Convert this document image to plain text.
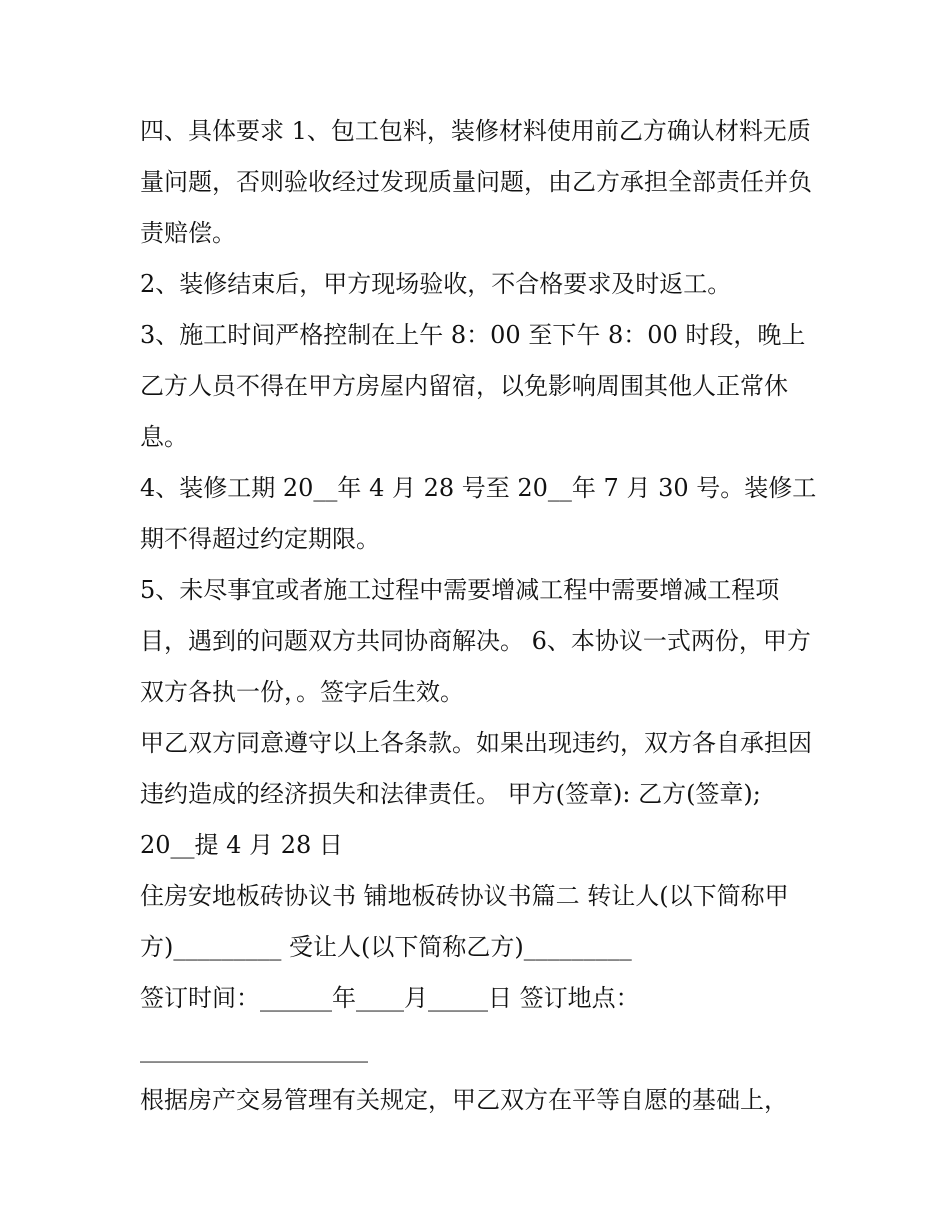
四、具体要求 1、包工包料，装修材料使用前乙方确认材料无质量问题，否则验收经过发现质量问题，由乙方承担全部责任并负责赔偿。

2、装修结束后，甲方现场验收，不合格要求及时返工。

3、施工时间严格控制在上午 8：00 至下午 8：00 时段，晚上乙方人员不得在甲方房屋内留宿，以免影响周围其他人正常休息。

4、装修工期 20__年 4 月 28 号至 20__年 7 月 30 号。装修工期不得超过约定期限。

5、未尽事宜或者施工过程中需要增减工程中需要增减工程项目，遇到的问题双方共同协商解决。 6、本协议一式两份，甲方双方各执一份，。签字后生效。

甲乙双方同意遵守以上各条款。如果出现违约，双方各自承担因违约造成的经济损失和法律责任。 甲方(签章): 乙方(签章);

20__提 4 月 28 日

住房安地板砖协议书 铺地板砖协议书篇二 转让人(以下简称甲方)_________ 受让人(以下简称乙方)_________

签订时间：______年____月_____日 签订地点：

___________________

根据房产交易管理有关规定，甲乙双方在平等自愿的基础上，
